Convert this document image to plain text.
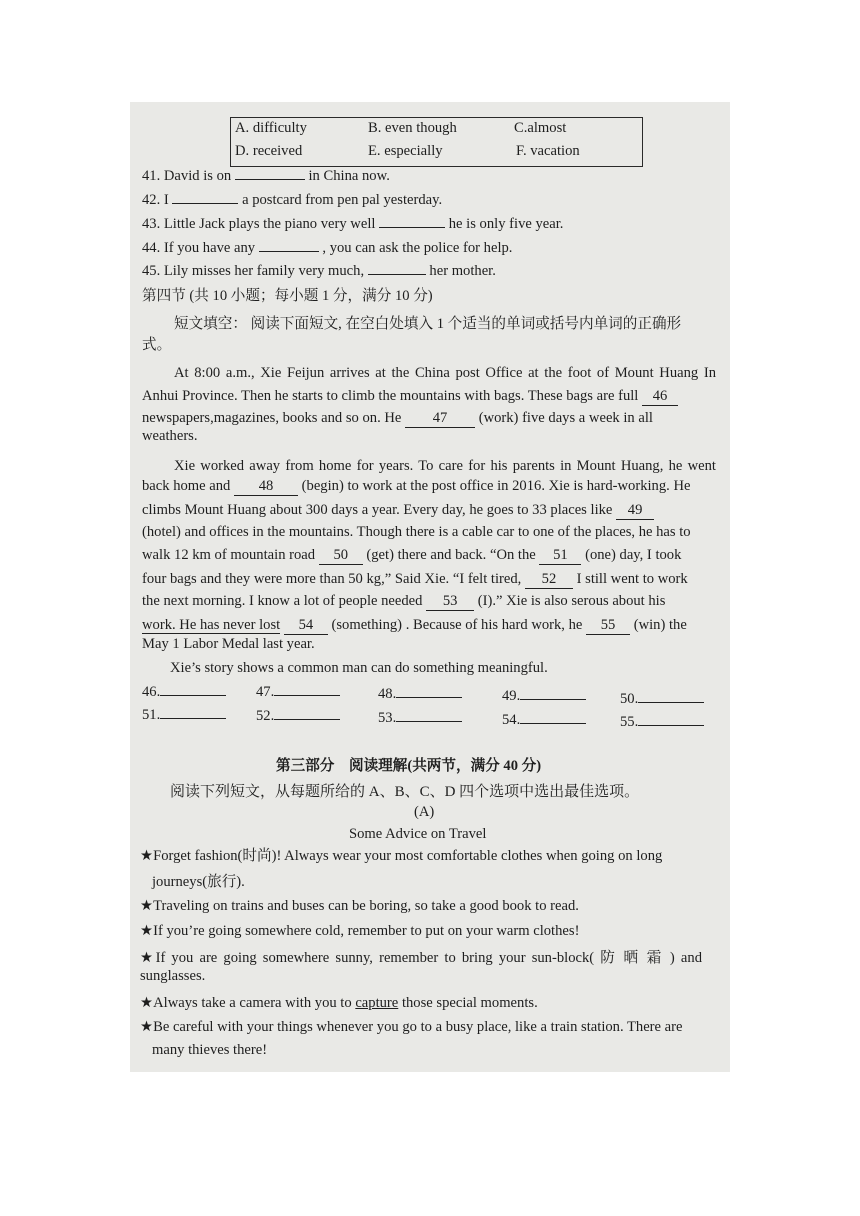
A. difficulty	B. even though	C.almost
D. received	E. especially	F. vacation
41. David is on	in China now.
42. I	a postcard from pen pal yesterday.
43. Little Jack plays the piano very well	he is only five year.
44. If you have any	, you can ask the police for help.
45. Lily misses her family very much,	her mother.
第四节 (共 10 小题；每小题 1 分，满分 10 分)
短文填空： 阅读下面短文, 在空白处填入 1 个适当的单词或括号内单词的正确形
式。
At 8:00 a.m., Xie Feijun arrives at the China post Office at the foot of Mount Huang In
Anhui Province. Then he starts to climb the mountains with bags. These bags are full 46
newspapers,magazines, books and so on. He 47 (work) five days a week in all
weathers.
Xie worked away from home for years. To care for his parents in Mount Huang, he went
back home and 48 (begin) to work at the post office in 2016. Xie is hard-working. He
climbs Mount Huang about 300 days a year. Every day, he goes to 33 places like 49
(hotel) and offices in the mountains. Though there is a cable car to one of the places, he has to
walk 12 km of mountain road 50 (get) there and back. “On the 51 (one) day, I took
four bags and they were more than 50 kg,” Said Xie. “I felt tired, 52 I still went to work
the next morning. I know a lot of people needed 53 (I).” Xie is also serous about his
work. He has never lost 54 (something) . Because of his hard work, he 55 (win) the
May 1 Labor Medal last year.
Xie’s story shows a common man can do something meaningful.
46.	47.	48.	49.	50.
51.	52.	53.	54.	55.
第三部分　阅读理解(共两节，满分 40 分)
阅读下列短文，从每题所给的 A、B、C、D 四个选项中选出最佳选项。
(A)
Some Advice on Travel
★Forget fashion(时尚)! Always wear your most comfortable clothes when going on long
journeys(旅行).
★Traveling on trains and buses can be boring, so take a good book to read.
★If you’re going somewhere cold, remember to put on your warm clothes!
★If you are going somewhere sunny, remember to bring your sun-block( 防 晒 霜 ) and
sunglasses.
★Always take a camera with you to capture those special moments.
★Be careful with your things whenever you go to a busy place, like a train station. There are
many thieves there!
